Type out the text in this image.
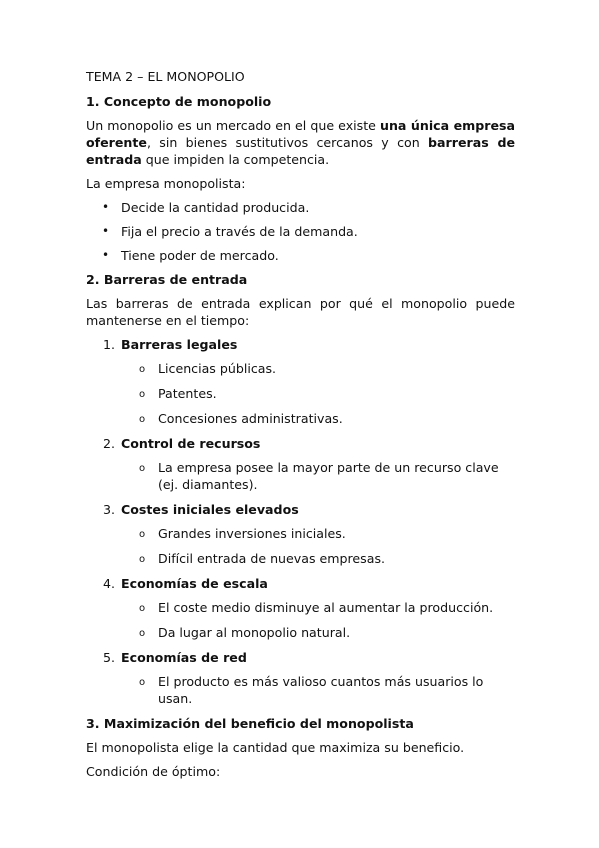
TEMA 2 – EL MONOPOLIO
1. Concepto de monopolio

Un monopolio es un mercado en el que existe una única empresa oferente, sin bienes sustitutivos cercanos y con barreras de entrada que impiden la competencia.

La empresa monopolista:

• Decide la cantidad producida.
• Fija el precio a través de la demanda.
• Tiene poder de mercado.
2. Barreras de entrada

Las barreras de entrada explican por qué el monopolio puede mantenerse en el tiempo:

1. Barreras legales
o Licencias públicas.
o Patentes.
o Concesiones administrativas.
2. Control de recursos
o La empresa posee la mayor parte de un recurso clave (ej. diamantes).
3. Costes iniciales elevados
o Grandes inversiones iniciales.
o Difícil entrada de nuevas empresas.
4. Economías de escala
o El coste medio disminuye al aumentar la producción.
o Da lugar al monopolio natural.
5. Economías de red
o El producto es más valioso cuantos más usuarios lo usan.
3. Maximización del beneficio del monopolista

El monopolista elige la cantidad que maximiza su beneficio.

Condición de óptimo:
